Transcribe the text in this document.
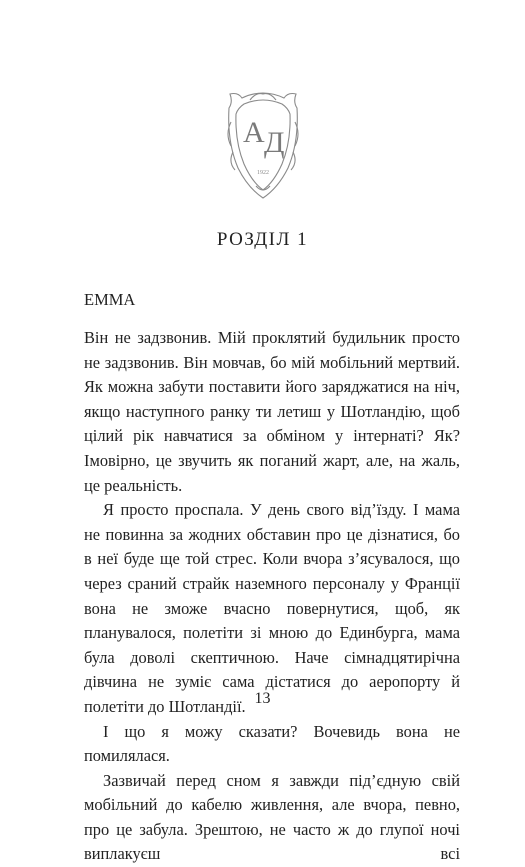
А Д
1922
РОЗДІЛ 1
ЕММА

Він не задзвонив. Мій проклятий будильник просто не задзвонив. Він мовчав, бо мій мобільний мертвий. Як можна забути поставити його заряджатися на ніч, якщо наступного ранку ти летиш у Шотландію, щоб цілий рік навчатися за обміном у інтернаті? Як? Імовірно, це звучить як поганий жарт, але, на жаль, це реальність.

Я просто проспала. У день свого від’їзду. І мама не повинна за жодних обставин про це дізнатися, бо в неї буде ще той стрес. Коли вчора з’ясувалося, що через сраний страйк наземного персоналу у Франції вона не зможе вчасно повернутися, щоб, як планувалося, полетіти зі мною до Единбурга, мама була доволі скептичною. Наче сімнадцятирічна дівчина не зуміє сама дістатися до аеропорту й полетіти до Шотландії.

І що я можу сказати? Вочевидь вона не помилялася.

Зазвичай перед сном я завжди під’єдную свій мобільний до кабелю живлення, але вчора, певно, про це забула. Зрештою, не часто ж до глупої ночі виплакуєш всі

13
